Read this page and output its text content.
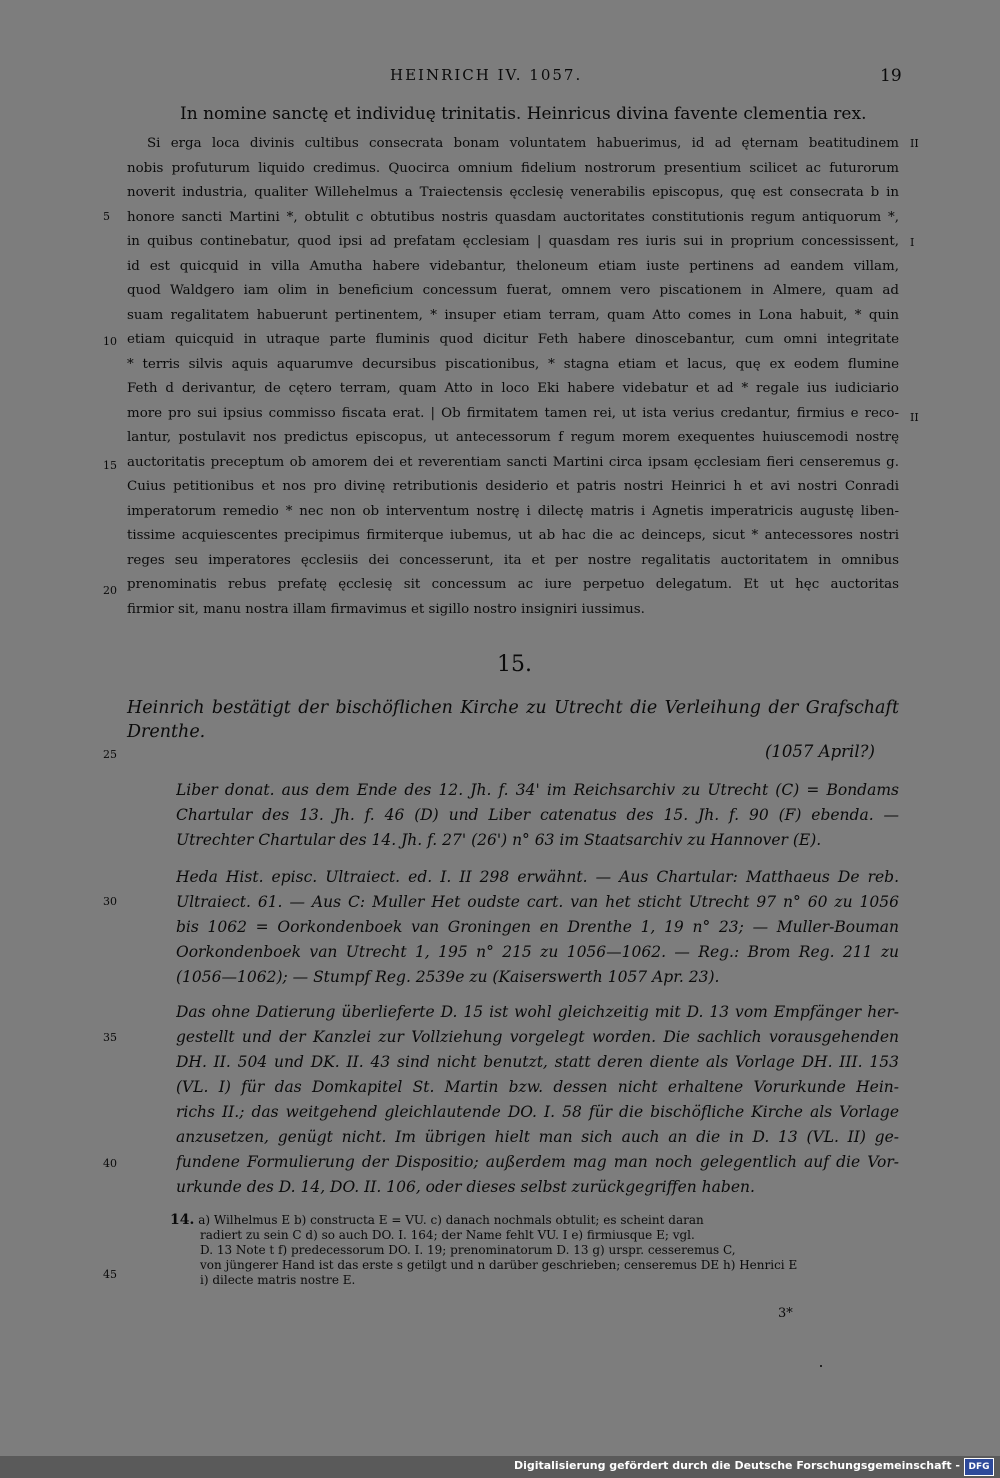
HEINRICH IV. 1057.	19
In nomine sanctę et individuę trinitatis. Heinricus divina favente clementia rex.
Si erga loca divinis cultibus consecrata bonam voluntatem habuerimus, id ad ęternam beatitudinem
nobis profuturum liquido credimus. Quocirca omnium fidelium nostrorum presentium scilicet ac futurorum
noverit industria, qualiter Willehelmus a Traiectensis ęcclesię venerabilis episcopus, quę est consecrata b in
honore sancti Martini *, obtulit c obtutibus nostris quasdam auctoritates constitutionis regum antiquorum *,
in quibus continebatur, quod ipsi ad prefatam ęcclesiam | quasdam res iuris sui in proprium concessissent,
id est quicquid in villa Amutha habere videbantur, theloneum etiam iuste pertinens ad eandem villam,
quod Waldgero iam olim in beneficium concessum fuerat, omnem vero piscationem in Almere, quam ad
suam regalitatem habuerunt pertinentem, * insuper etiam terram, quam Atto comes in Lona habuit, * quin
etiam quicquid in utraque parte fluminis quod dicitur Feth habere dinoscebantur, cum omni integritate
* terris silvis aquis aquarumve decursibus piscationibus, * stagna etiam et lacus, quę ex eodem flumine
Feth d derivantur, de cętero terram, quam Atto in loco Eki habere videbatur et ad * regale ius iudiciario
more pro sui ipsius commisso fiscata erat. | Ob firmitatem tamen rei, ut ista verius credantur, firmius e reco-
lantur, postulavit nos predictus episcopus, ut antecessorum f regum morem exequentes huiuscemodi nostrę
auctoritatis preceptum ob amorem dei et reverentiam sancti Martini circa ipsam ęcclesiam fieri censeremus g.
Cuius petitionibus et nos pro divinę retributionis desiderio et patris nostri Heinrici h et avi nostri Conradi
imperatorum remedio * nec non ob interventum nostrę i dilectę matris i Agnetis imperatricis augustę liben-
tissime acquiescentes precipimus firmiterque iubemus, ut ab hac die ac deinceps, sicut * antecessores nostri
reges seu imperatores ęcclesiis dei concesserunt, ita et per nostre regalitatis auctoritatem in omnibus
prenominatis rebus prefatę ęcclesię sit concessum ac iure perpetuo delegatum. Et ut hęc auctoritas
firmior sit, manu nostra illam firmavimus et sigillo nostro insigniri iussimus.
5
10
15
20
25
30
35
40
45
II
I
II
15.
Heinrich bestätigt der bischöflichen Kirche zu Utrecht die Verleihung der Grafschaft
Drenthe.
(1057 April?)
Liber donat. aus dem Ende des 12. Jh. f. 34' im Reichsarchiv zu Utrecht (C) = Bondams
Chartular des 13. Jh. f. 46 (D) und Liber catenatus des 15. Jh. f. 90 (F) ebenda. —
Utrechter Chartular des 14. Jh. f. 27' (26') n° 63 im Staatsarchiv zu Hannover (E).
Heda Hist. episc. Ultraiect. ed. I. II 298 erwähnt. — Aus Chartular: Matthaeus De reb.
Ultraiect. 61. — Aus C: Muller Het oudste cart. van het sticht Utrecht 97 n° 60 zu 1056
bis 1062 = Oorkondenboek van Groningen en Drenthe 1, 19 n° 23; — Muller-Bouman
Oorkondenboek van Utrecht 1, 195 n° 215 zu 1056—1062. — Reg.: Brom Reg. 211 zu
(1056—1062); — Stumpf Reg. 2539e zu (Kaiserswerth 1057 Apr. 23).
Das ohne Datierung überlieferte D. 15 ist wohl gleichzeitig mit D. 13 vom Empfänger her-
gestellt und der Kanzlei zur Vollziehung vorgelegt worden. Die sachlich vorausgehenden
DH. II. 504 und DK. II. 43 sind nicht benutzt, statt deren diente als Vorlage DH. III. 153
(VL. I) für das Domkapitel St. Martin bzw. dessen nicht erhaltene Vorurkunde Hein-
richs II.; das weitgehend gleichlautende DO. I. 58 für die bischöfliche Kirche als Vorlage
anzusetzen, genügt nicht. Im übrigen hielt man sich auch an die in D. 13 (VL. II) ge-
fundene Formulierung der Dispositio; außerdem mag man noch gelegentlich auf die Vor-
urkunde des D. 14, DO. II. 106, oder dieses selbst zurückgegriffen haben.
14. a) Wilhelmus E b) constructa E = VU. c) danach nochmals obtulit; es scheint daran
radiert zu sein C d) so auch DO. I. 164; der Name fehlt VU. I e) firmiusque E; vgl.
D. 13 Note t f) predecessorum DO. I. 19; prenominatorum D. 13 g) urspr. cesseremus C,
von jüngerer Hand ist das erste s getilgt und n darüber geschrieben; censeremus DE h) Henrici E
i) dilecte matris nostre E.
3*
Digitalisierung gefördert durch die Deutsche Forschungsgemeinschaft - DFG
